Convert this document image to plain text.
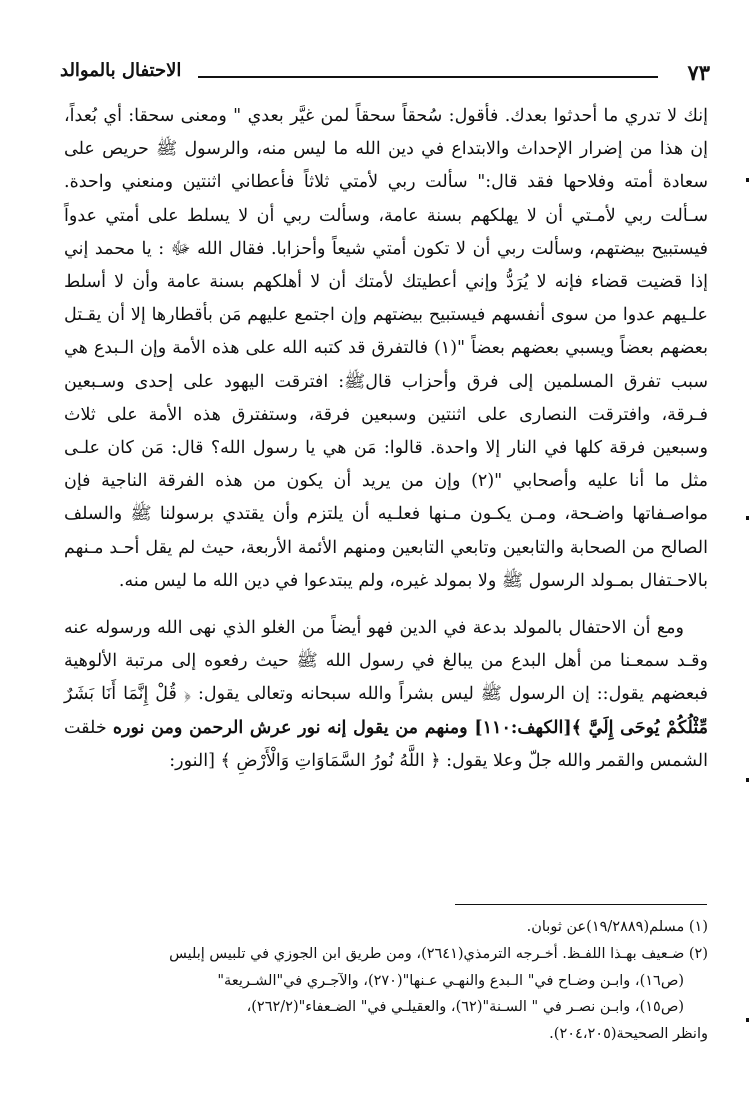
٧٣
الاحتفال بالموالد

إنك لا تدري ما أحدثوا بعدك. فأقول: سُحقاً سحقاً لمن غيَّر بعدي " ومعنى سحقا: أي بُعداً، إن هذا من إضرار الإحداث والابتداع في دين الله ما ليس منه، والرسول ﷺ حريص على سعادة أمته وفلاحها فقد قال:" سألت ربي لأمتي ثلاثاً فأعطاني اثنتين ومنعني واحدة. سـألت ربي لأمـتي أن لا يهلكهم بسنة عامة، وسألت ربي أن لا يسلط على أمتي عدواً فيستبيح بيضتهم، وسألت ربي أن لا تكون أمتي شيعاً وأحزابا. فقال الله ﷻ : يا محمد إني إذا قضيت قضاء فإنه لا يُرَدُّ وإني أعطيتك لأمتك أن لا أهلكهم بسنة عامة وأن لا أسلط علـيهم عدوا من سوى أنفسهم فيستبيح بيضتهم وإن اجتمع عليهم مَن بأقطارها إلا أن يقـتل بعضهم بعضاً ويسبي بعضهم بعضاً "(١) فالتفرق قد كتبه الله على هذه الأمة وإن الـبدع هي سبب تفرق المسلمين إلى فرق وأحزاب قالﷺ: افترقت اليهود على إحدى وسـبعين فـرقة، وافترقت النصارى على اثنتين وسبعين فرقة، وستفترق هذه الأمة على ثلاث وسبعين فرقة كلها في النار إلا واحدة. قالوا: مَن هي يا رسول الله؟ قال: مَن كان علـى مثل ما أنا عليه وأصحابي "(٢) وإن من يريد أن يكون من هذه الفرقة الناجية فإن مواصـفاتها واضـحة، ومـن يكـون مـنها فعلـيه أن يلتزم وأن يقتدي برسولنا ﷺ والسلف الصالح من الصحابة والتابعين وتابعي التابعين ومنهم الأئمة الأربعة، حيث لم يقل أحـد مـنهم بالاحـتفال بمـولد الرسول ﷺ ولا بمولد غيره، ولم يبتدعوا في دين الله ما ليس منه.

ومع أن الاحتفال بالمولد بدعة في الدين فهو أيضاً من الغلو الذي نهى الله ورسوله عنه وقـد سمعـنا من أهل البدع من يبالغ في رسول الله ﷺ حيث رفعوه إلى مرتبة الألوهية فبعضهم يقول:: إن الرسول ﷺ ليس بشراً والله سبحانه وتعالى يقول: ﴿ قُلْ إِنَّمَا أَنَا بَشَرٌ مِّثْلُكُمْ يُوحَى إِلَيَّ ﴾[الكهف:١١٠] ومنهم من يقول إنه نور عرش الرحمن ومن نوره خلقت الشمس والقمر والله جلّ وعلا يقول: ﴿ اللَّهُ نُورُ السَّمَاوَاتِ وَالْأَرْضِ ﴾ [النور:

(١) مسلم(١٩/٢٨٨٩)عن ثوبان.

(٢) ضـعيف بهـذا اللفـظ. أخـرجه الترمذي(٢٦٤١)، ومن طريق ابن الجوزي في تلبيس إبليس

(ص١٦)، وابـن وضـاح في" الـبدع والنهـي عـنها"(٢٧٠)، والآجـري في"الشـريعة"

(ص١٥)، وابـن نصـر في " السـنة"(٦٢)، والعقيلـي في" الضـعفاء"(٢٦٢/٢)،

وانظر الصحيحة(٢٠٤،٢٠٥).
